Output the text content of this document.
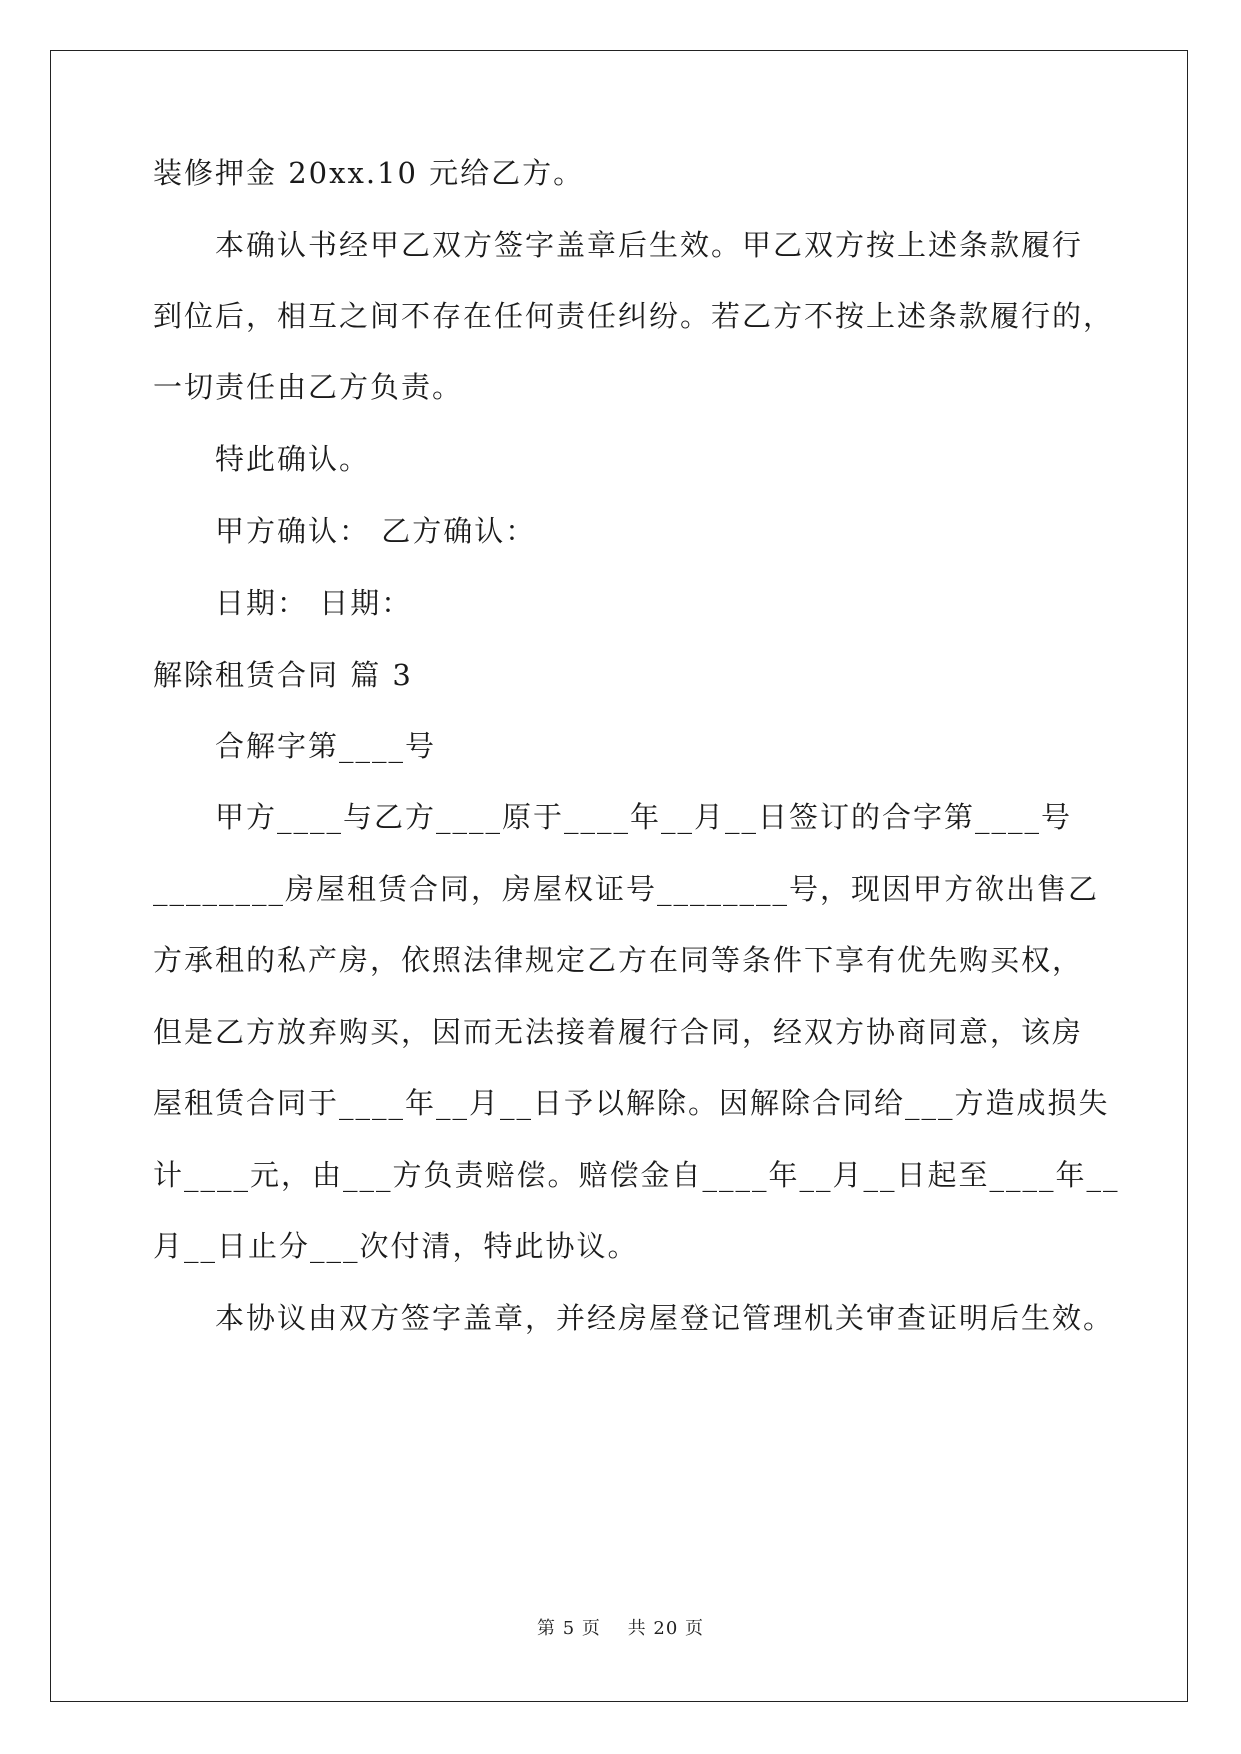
装修押金 20xx.10 元给乙方。
本确认书经甲乙双方签字盖章后生效。甲乙双方按上述条款履行
到位后，相互之间不存在任何责任纠纷。若乙方不按上述条款履行的，
一切责任由乙方负责。
特此确认。
甲方确认： 乙方确认：
日期： 日期：
解除租赁合同 篇 3
合解字第____号
甲方____与乙方____原于____年__月__日签订的合字第____号
________房屋租赁合同，房屋权证号________号，现因甲方欲出售乙
方承租的私产房，依照法律规定乙方在同等条件下享有优先购买权，
但是乙方放弃购买，因而无法接着履行合同，经双方协商同意，该房
屋租赁合同于____年__月__日予以解除。因解除合同给___方造成损失
计____元，由___方负责赔偿。赔偿金自____年__月__日起至____年__
月__日止分___次付清，特此协议。
本协议由双方签字盖章，并经房屋登记管理机关审查证明后生效。
第 5 页 共 20 页
